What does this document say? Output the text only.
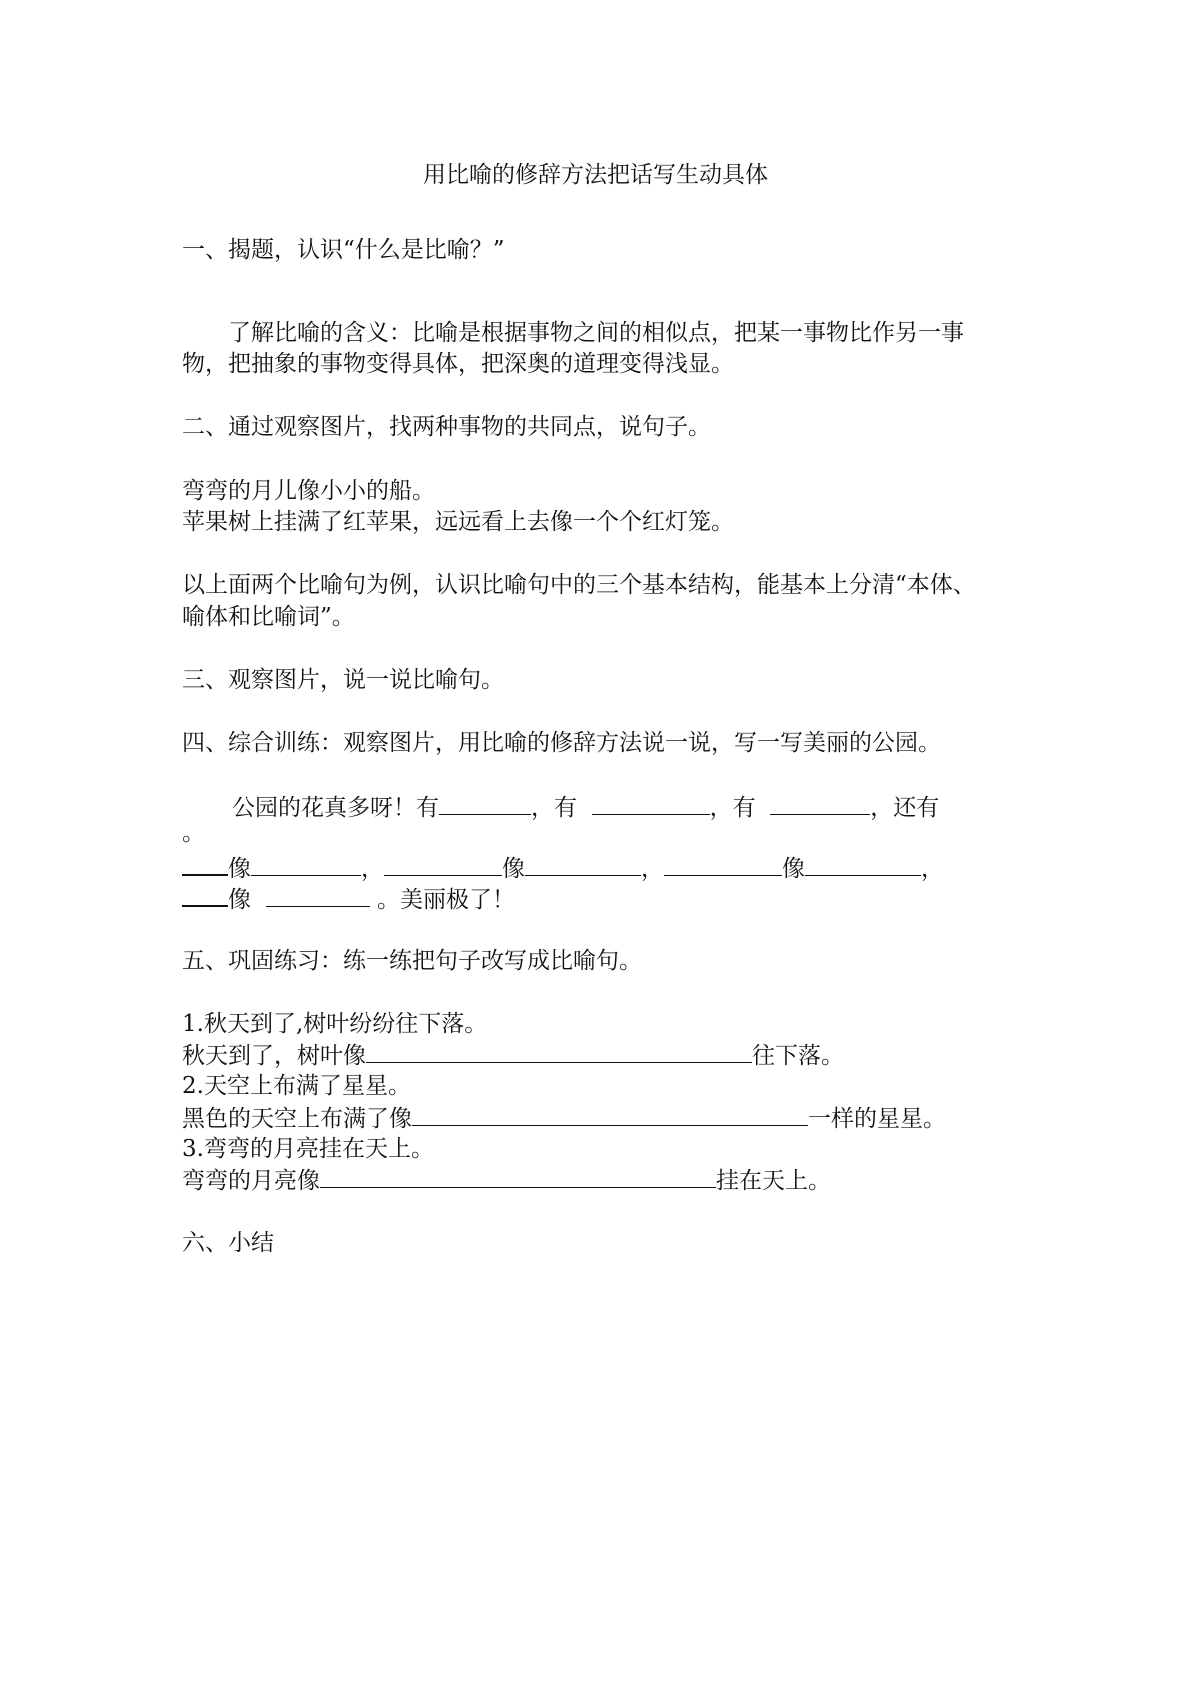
用比喻的修辞方法把话写生动具体
一、揭题，认识“什么是比喻？”
了解比喻的含义：比喻是根据事物之间的相似点，把某一事物比作另一事
物，把抽象的事物变得具体，把深奥的道理变得浅显。
二、通过观察图片，找两种事物的共同点，说句子。
弯弯的月儿像小小的船。
苹果树上挂满了红苹果，远远看上去像一个个红灯笼。
以上面两个比喻句为例，认识比喻句中的三个基本结构，能基本上分清“本体、
喻体和比喻词”。
三、观察图片，说一说比喻句。
四、综合训练：观察图片，用比喻的修辞方法说一说，写一写美丽的公园。
公园的花真多呀！有	，有	，有	，还有
。
像	，	像	，	像	，
像	。美丽极了！
五、巩固练习：练一练把句子改写成比喻句。
1.秋天到了,树叶纷纷往下落。
秋天到了，树叶像	往下落。
2.天空上布满了星星。
黑色的天空上布满了像	一样的星星。
3.弯弯的月亮挂在天上。
弯弯的月亮像	挂在天上。
六、小结
